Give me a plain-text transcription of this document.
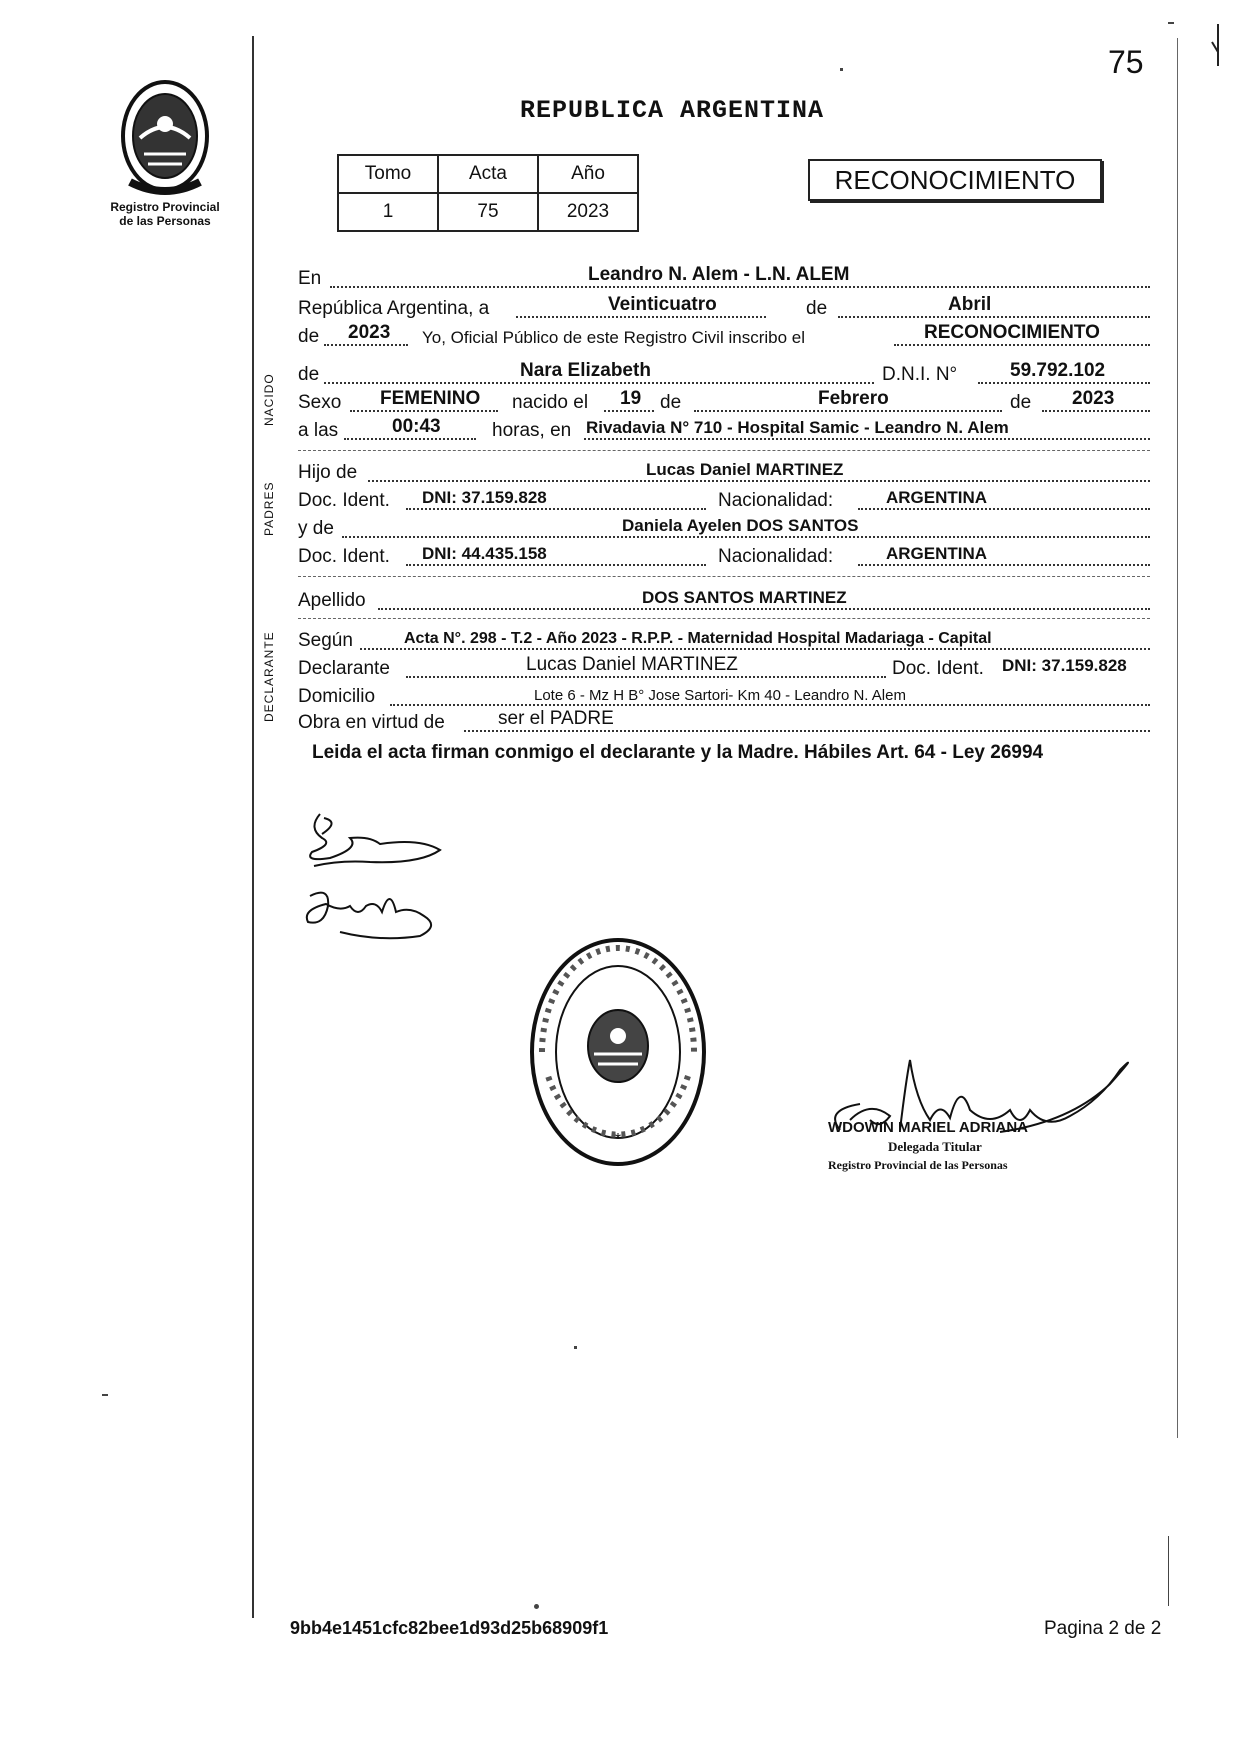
75
REPUBLICA ARGENTINA
Registro Provincial
de las Personas
Tomo	Acta	Año
1	75	2023
RECONOCIMIENTO
NACIDO
PADRES
DECLARANTE
En	Leandro N. Alem - L.N. ALEM
República Argentina, a	Veinticuatro	de	Abril
de 2023 Yo, Oficial Público de este Registro Civil inscribo el	RECONOCIMIENTO
de	Nara Elizabeth	D.N.I. N°	59.792.102
Sexo FEMENINO nacido el 19 de	Febrero	de 2023
a las	00:43	horas, en Rivadavia N° 710 - Hospital Samic - Leandro N. Alem
Hijo de	Lucas Daniel MARTINEZ
Doc. Ident. DNI: 37.159.828	Nacionalidad:	ARGENTINA
y de	Daniela Ayelen DOS SANTOS
Doc. Ident. DNI: 44.435.158	Nacionalidad:	ARGENTINA
Apellido	DOS SANTOS MARTINEZ
Según	Acta N°. 298 - T.2 - Año 2023 - R.P.P. - Maternidad Hospital Madariaga - Capital
Declarante	Lucas Daniel MARTINEZ	Doc. Ident. DNI: 37.159.828
Domicilio	Lote 6 - Mz H B° Jose Sartori- Km 40 - Leandro N. Alem
Obra en virtud de	ser el PADRE
Leida el acta firman conmigo el declarante y la Madre. Hábiles Art. 64 - Ley 26994
*
WDOWIN MARIEL ADRIANA
Delegada Titular
Registro Provincial de las Personas
9bb4e1451cfc82bee1d93d25b68909f1	Pagina 2 de 2
